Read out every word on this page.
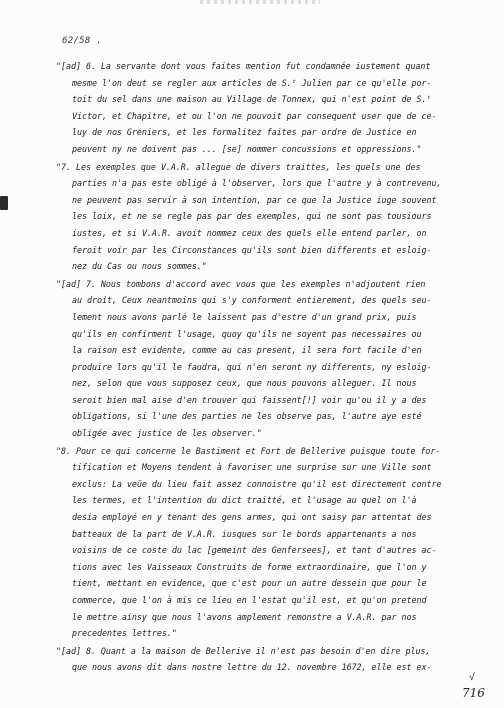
62/58 .
"[ad] 6. La servante dont vous faites mention fut condamnée iustement quant
mesme l'on deut se regler aux articles de S.ᵗ Julien par ce qu'elle por-
toit du sel dans une maison au Village de Tonnex, qui n'est point de S.ᵗ
Victor, et Chapitre, et ou l'on ne pouvoit par consequent user que de ce-
luy de nos Greniers, et les formalitez faites par ordre de Justice en
peuvent ny ne doivent pas ... [se] nommer concussions et oppressions."
"7. Les exemples que V.A.R. allegue de divers traittes, les quels une des
parties n'a pas este obligé à l'observer, lors que l'autre y à contrevenu,
ne peuvent pas servir à son intention, par ce que la Justice iuge souvent
les loix, et ne se regle pas par des exemples, qui ne sont pas tousiours
iustes, et si V.A.R. avoit nommez ceux des quels elle entend parler, on
feroit voir par les Circonstances qu'ils sont bien differents et esloig-
nez du Cas ou nous sommes."
"[ad] 7. Nous tombons d'accord avec vous que les exemples n'adjoutent rien
au droit, Ceux neantmoins qui s'y conforment entierement, des quels seu-
lement nous avons parlé le laissent pas d'estre d'un grand prix, puis
qu'ils en confirment l'usage, quoy qu'ils ne soyent pas necessaires ou
la raison est evidente, comme au cas present, il sera fort facile d'en
produire lors qu'il le faudra, qui n'en seront ny differents, ny esloig-
nez, selon que vous supposez ceux, que nous pouvons alleguer. Il nous
seroit bien mal aise d'en trouver qui faissent[!] voir qu'ou il y a des
obligations, si l'une des parties ne les observe pas, l'autre aye esté
obligée avec justice de les observer."
"8. Pour ce qui concerne le Bastiment et Fort de Bellerive puisque toute for-
tification et Moyens tendent à favoriser une surprise sur une Ville sont
exclus: La veüe du lieu fait assez connoistre qu'il est directement contre
les termes, et l'intention du dict traitté, et l'usage au quel on l'à
desia employé en y tenant des gens armes, qui ont saisy par attentat des
batteaux de la part de V.A.R. iusques sur le bords appartenants a nos
voisins de ce coste du lac [gemeint des Genfersees], et tant d'autres ac-
tions avec les Vaisseaux Construits de forme extraordinaire, que l'on y
tient, mettant en evidence, que c'est pour un autre dessein que pour le
commerce, que l'on à mis ce lieu en l'estat qu'il est, et qu'on pretend
le mettre ainsy que nous l'avons amplement remonstre a V.A.R. par nos
precedentes lettres."
"[ad] 8. Quant a la maison de Bellerive il n'est pas besoin d'en dire plus,
que nous avons dit dans nostre lettre du 12. novembre 1672, elle est ex-
√
716
